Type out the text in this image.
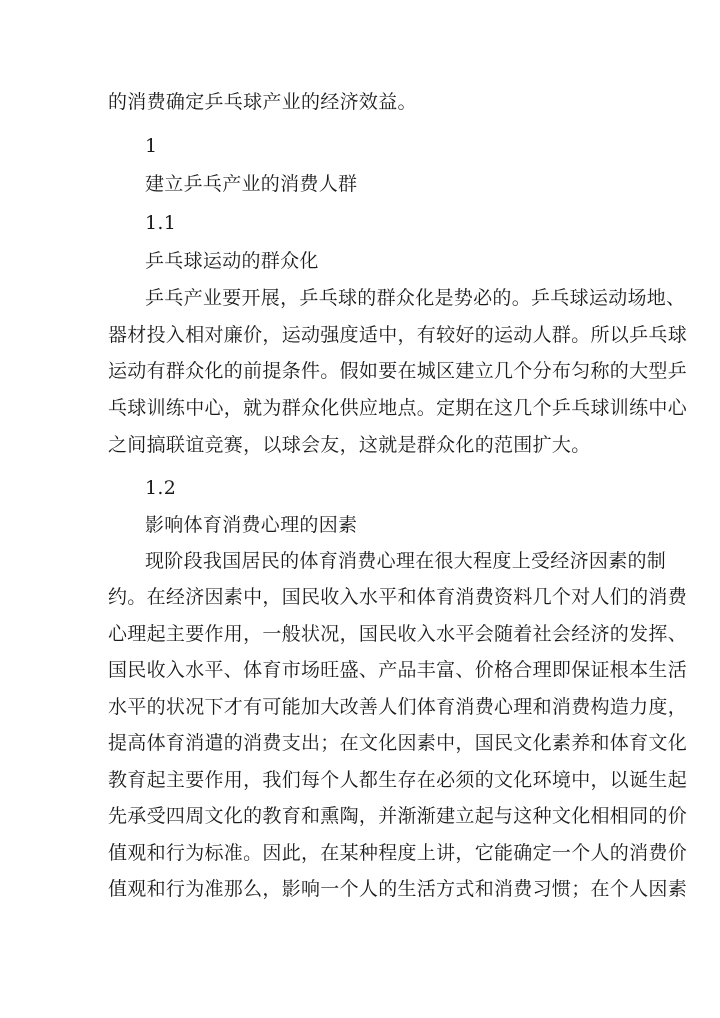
的消费确定乒乓球产业的经济效益。
1
建立乒乓产业的消费人群
1.1
乒乓球运动的群众化
乒乓产业要开展，乒乓球的群众化是势必的。乒乓球运动场地、
器材投入相对廉价，运动强度适中，有较好的运动人群。所以乒乓球
运动有群众化的前提条件。假如要在城区建立几个分布匀称的大型乒
乓球训练中心，就为群众化供应地点。定期在这几个乒乓球训练中心
之间搞联谊竞赛，以球会友，这就是群众化的范围扩大。
1.2
影响体育消费心理的因素
现阶段我国居民的体育消费心理在很大程度上受经济因素的制
约。在经济因素中，国民收入水平和体育消费资料几个对人们的消费
心理起主要作用，一般状况，国民收入水平会随着社会经济的发挥、
国民收入水平、体育市场旺盛、产品丰富、价格合理即保证根本生活
水平的状况下才有可能加大改善人们体育消费心理和消费构造力度，
提高体育消遣的消费支出；在文化因素中，国民文化素养和体育文化
教育起主要作用，我们每个人都生存在必须的文化环境中，以诞生起
先承受四周文化的教育和熏陶，并渐渐建立起与这种文化相相同的价
值观和行为标准。因此，在某种程度上讲，它能确定一个人的消费价
值观和行为准那么，影响一个人的生活方式和消费习惯；在个人因素
